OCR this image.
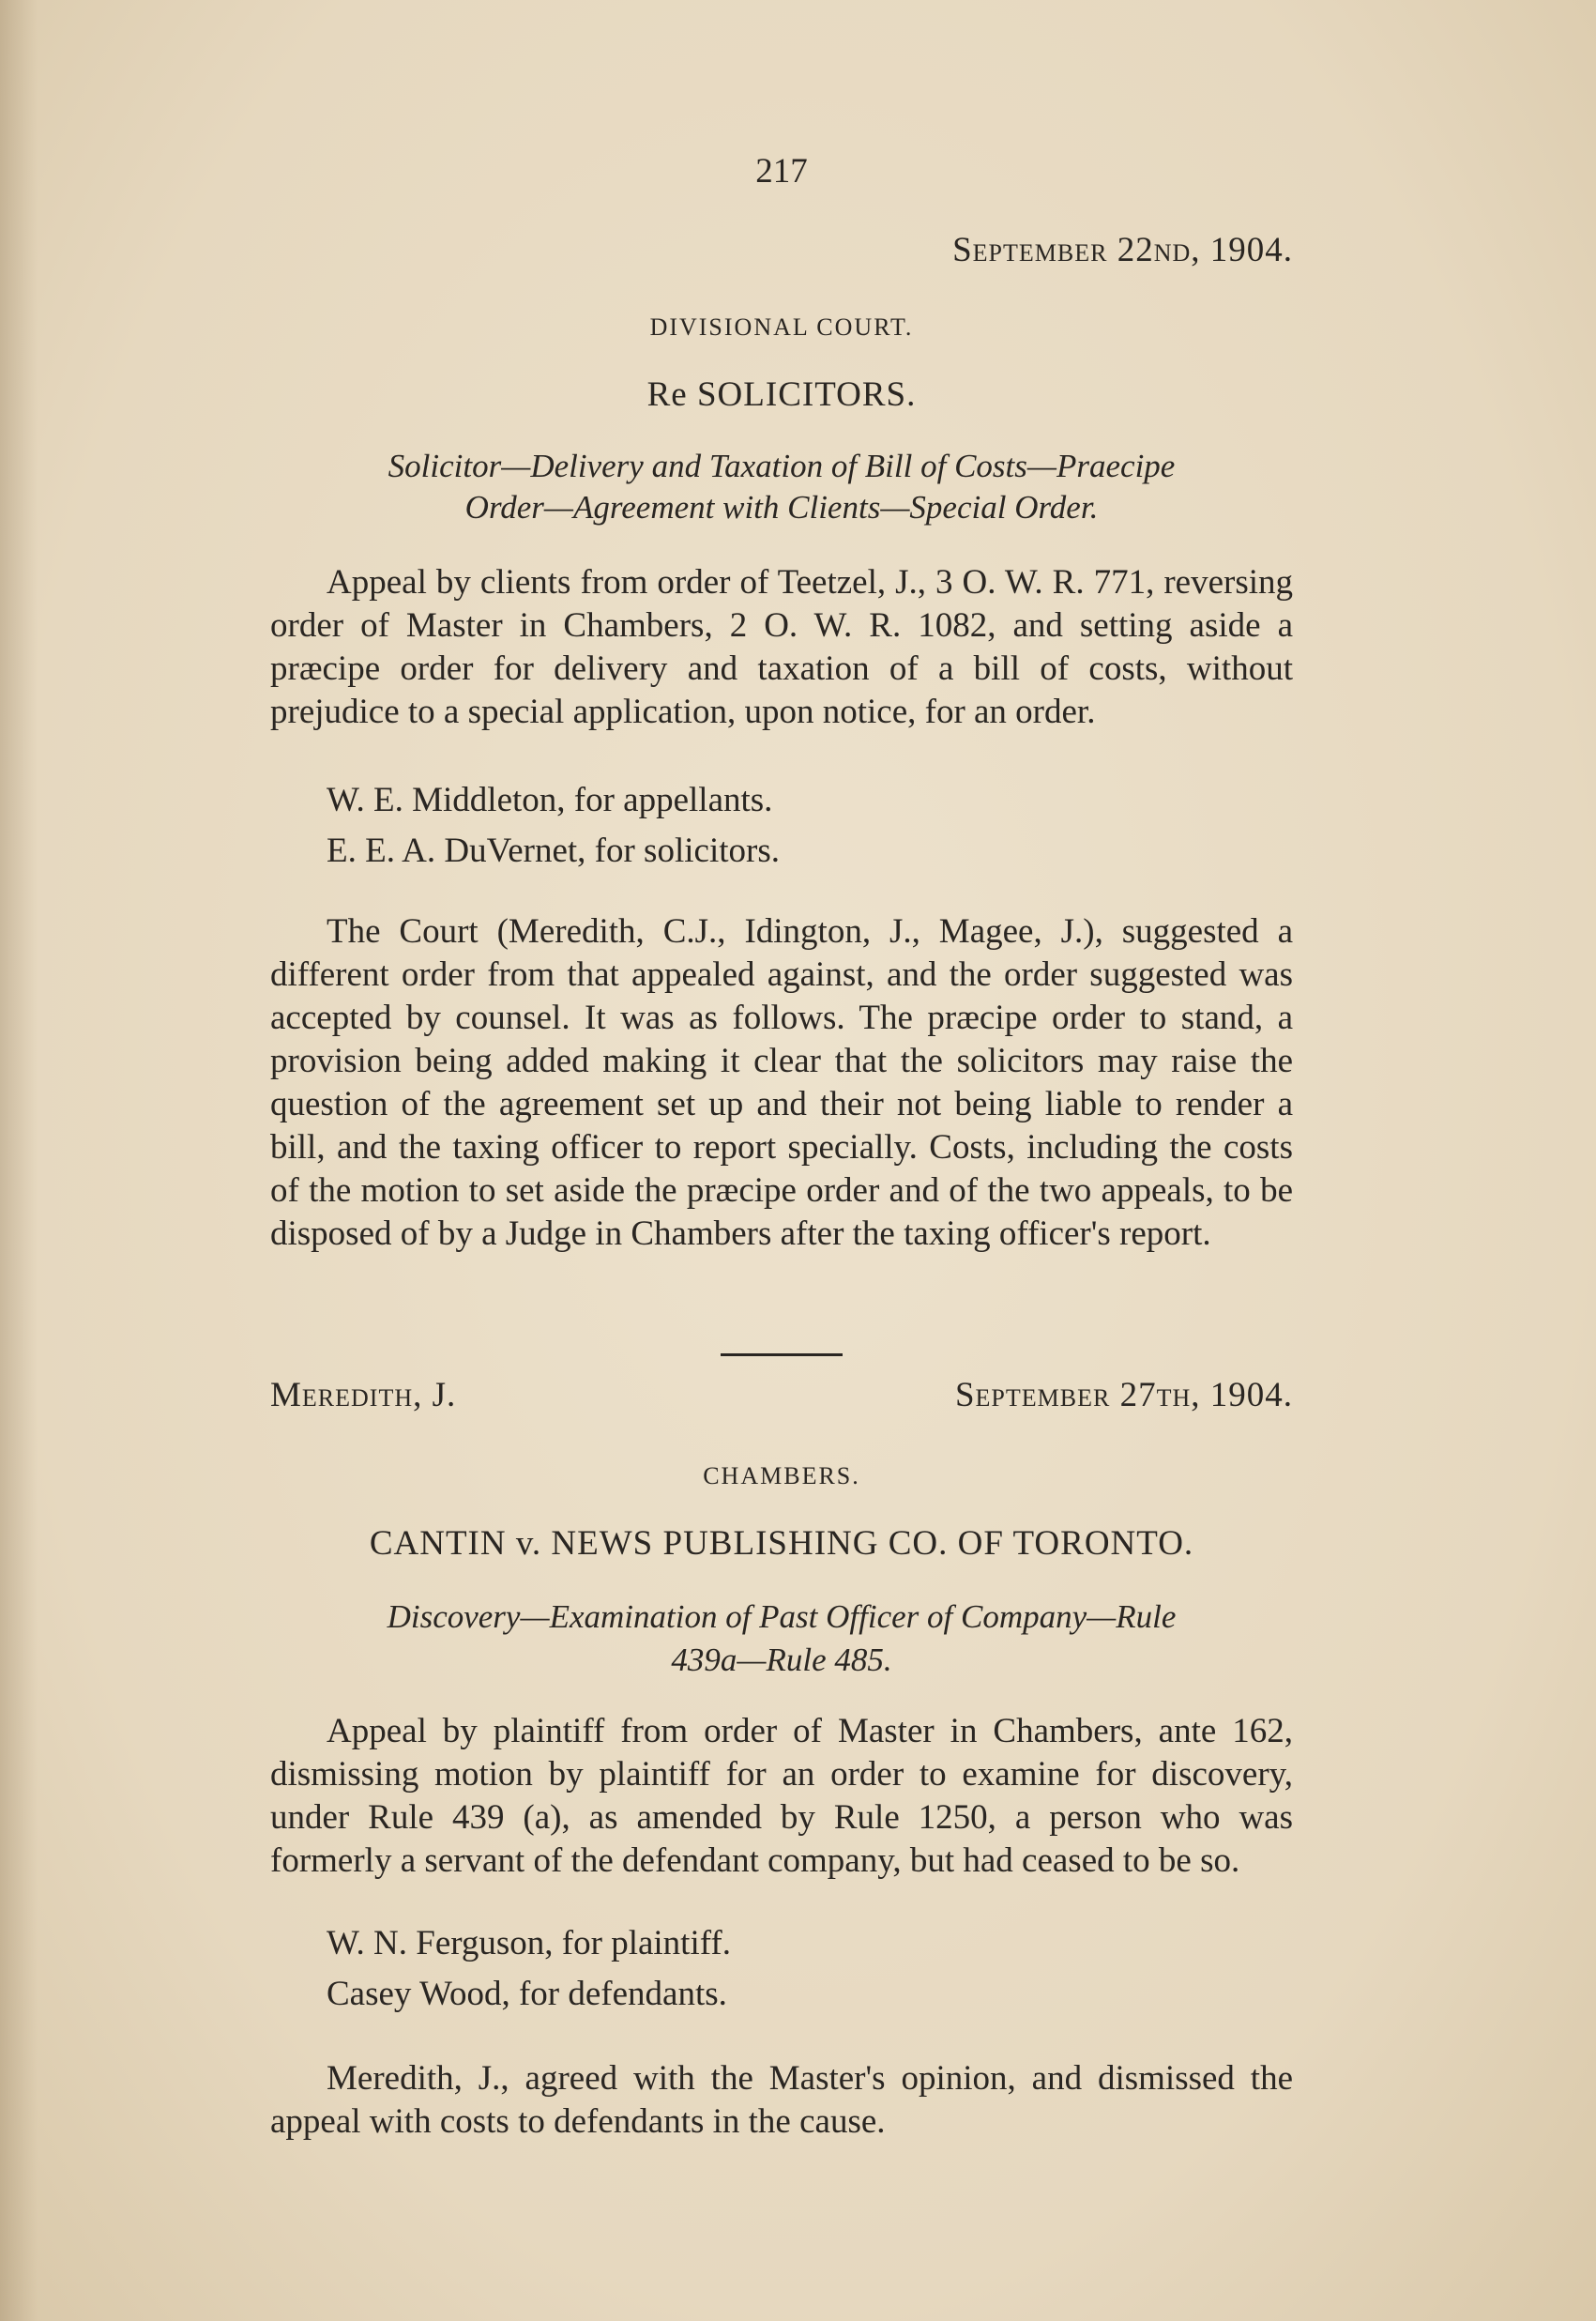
217
September 22nd, 1904.
DIVISIONAL COURT.
Re SOLICITORS.
Solicitor—Delivery and Taxation of Bill of Costs—Praecipe
Order—Agreement with Clients—Special Order.

Appeal by clients from order of Teetzel, J., 3 O. W. R. 771, reversing order of Master in Chambers, 2 O. W. R. 1082, and setting aside a præcipe order for delivery and taxation of a bill of costs, without prejudice to a special application, upon notice, for an order.

W. E. Middleton, for appellants.
E. E. A. DuVernet, for solicitors.

The Court (Meredith, C.J., Idington, J., Magee, J.), suggested a different order from that appealed against, and the order suggested was accepted by counsel. It was as follows. The præcipe order to stand, a provision being added making it clear that the solicitors may raise the question of the agreement set up and their not being liable to render a bill, and the taxing officer to report specially. Costs, including the costs of the motion to set aside the præcipe order and of the two appeals, to be disposed of by a Judge in Chambers after the taxing officer's report.

Meredith, J.	September 27th, 1904.
CHAMBERS.
CANTIN v. NEWS PUBLISHING CO. OF TORONTO.
Discovery—Examination of Past Officer of Company—Rule
439a—Rule 485.

Appeal by plaintiff from order of Master in Chambers, ante 162, dismissing motion by plaintiff for an order to examine for discovery, under Rule 439 (a), as amended by Rule 1250, a person who was formerly a servant of the defendant company, but had ceased to be so.

W. N. Ferguson, for plaintiff.
Casey Wood, for defendants.

Meredith, J., agreed with the Master's opinion, and dismissed the appeal with costs to defendants in the cause.
